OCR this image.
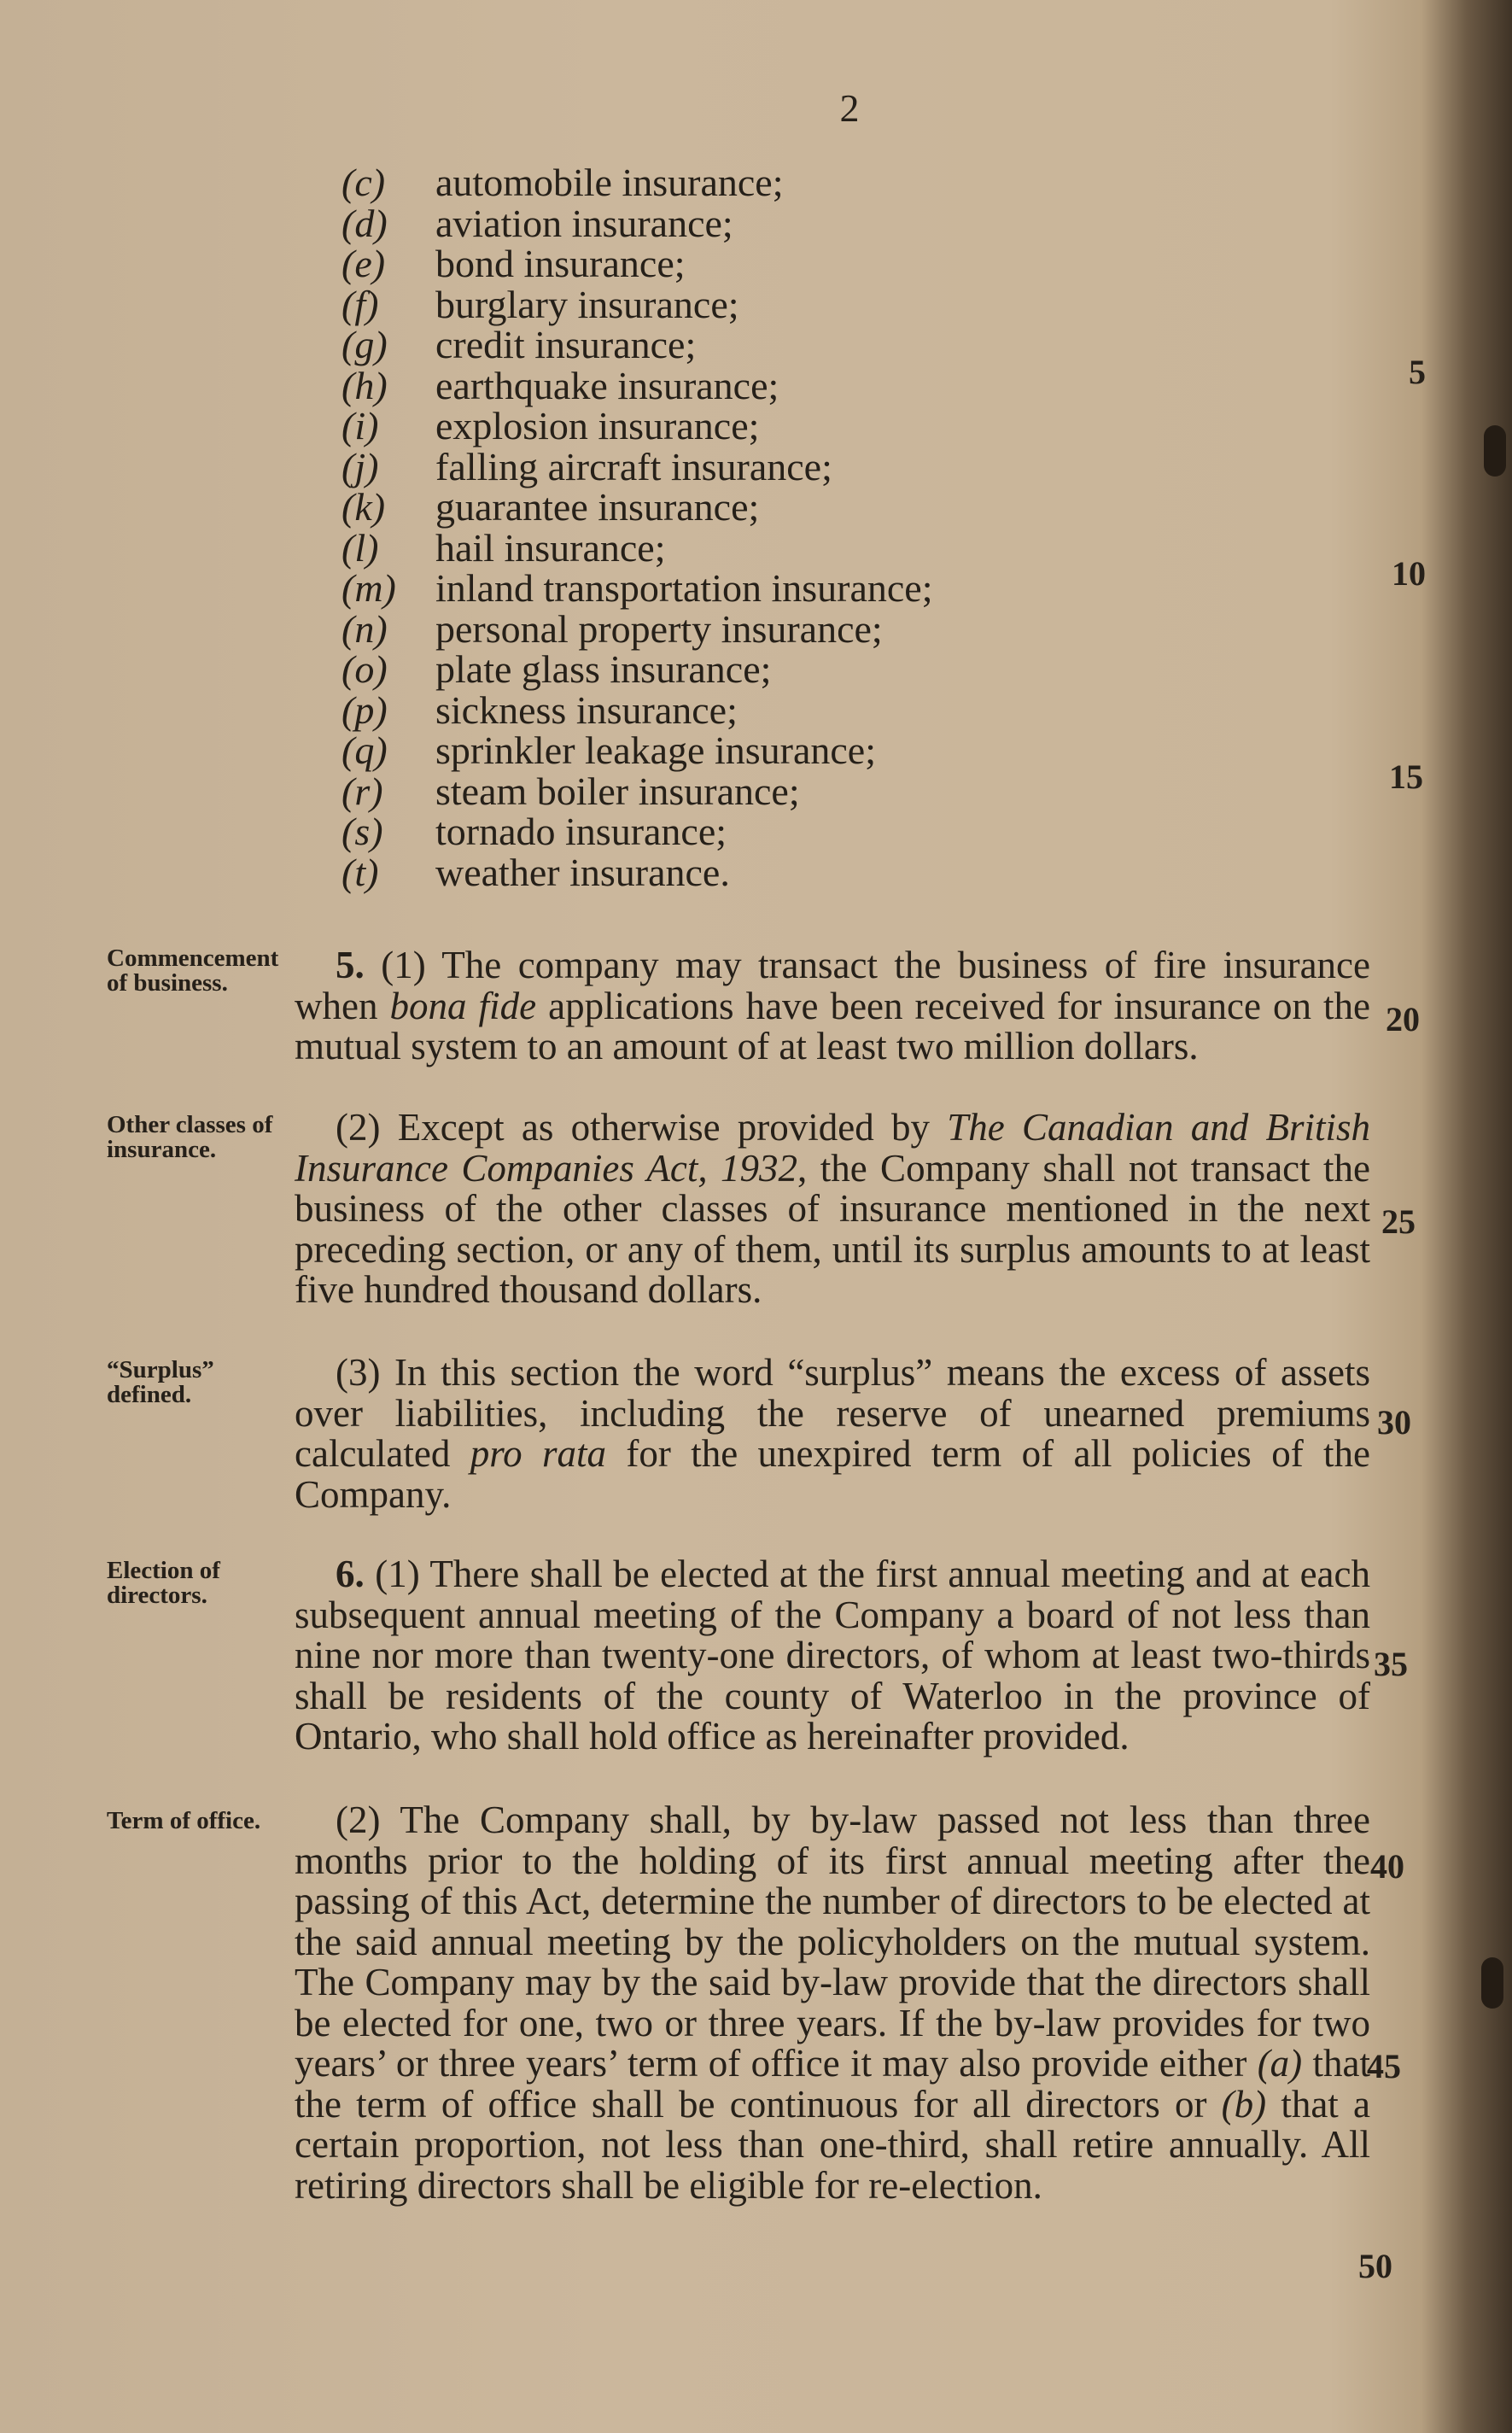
2
(c) automobile insurance;
(d) aviation insurance;
(e) bond insurance;
(f) burglary insurance;
(g) credit insurance;
(h) earthquake insurance;
(i) explosion insurance;
(j) falling aircraft insurance;
(k) guarantee insurance;
(l) hail insurance;
(m) inland transportation insurance;
(n) personal property insurance;
(o) plate glass insurance;
(p) sickness insurance;
(q) sprinkler leakage insurance;
(r) steam boiler insurance;
(s) tornado insurance;
(t) weather insurance.
Commencement of business.
Other classes of insurance.
“Surplus” defined.
Election of directors.
Term of office.

5. (1) The company may transact the business of fire insurance when bona fide applications have been received for insurance on the mutual system to an amount of at least two million dollars.

(2) Except as otherwise provided by The Canadian and British Insurance Companies Act, 1932, the Company shall not transact the business of the other classes of insurance mentioned in the next preceding section, or any of them, until its surplus amounts to at least five hundred thousand dollars.

(3) In this section the word “surplus” means the excess of assets over liabilities, including the reserve of unearned premiums calculated pro rata for the unexpired term of all policies of the Company.

6. (1) There shall be elected at the first annual meeting and at each subsequent annual meeting of the Company a board of not less than nine nor more than twenty-one directors, of whom at least two-thirds shall be residents of the county of Waterloo in the province of Ontario, who shall hold office as hereinafter provided.

(2) The Company shall, by by-law passed not less than three months prior to the holding of its first annual meeting after the passing of this Act, determine the number of directors to be elected at the said annual meeting by the policyholders on the mutual system. The Company may by the said by-law provide that the directors shall be elected for one, two or three years. If the by-law provides for two years’ or three years’ term of office it may also provide either (a) that the term of office shall be continuous for all directors or (b) that a certain proportion, not less than one-third, shall retire annually. All retiring directors shall be eligible for re-election.

5
10
15
20
25
30
35
40
45
50
